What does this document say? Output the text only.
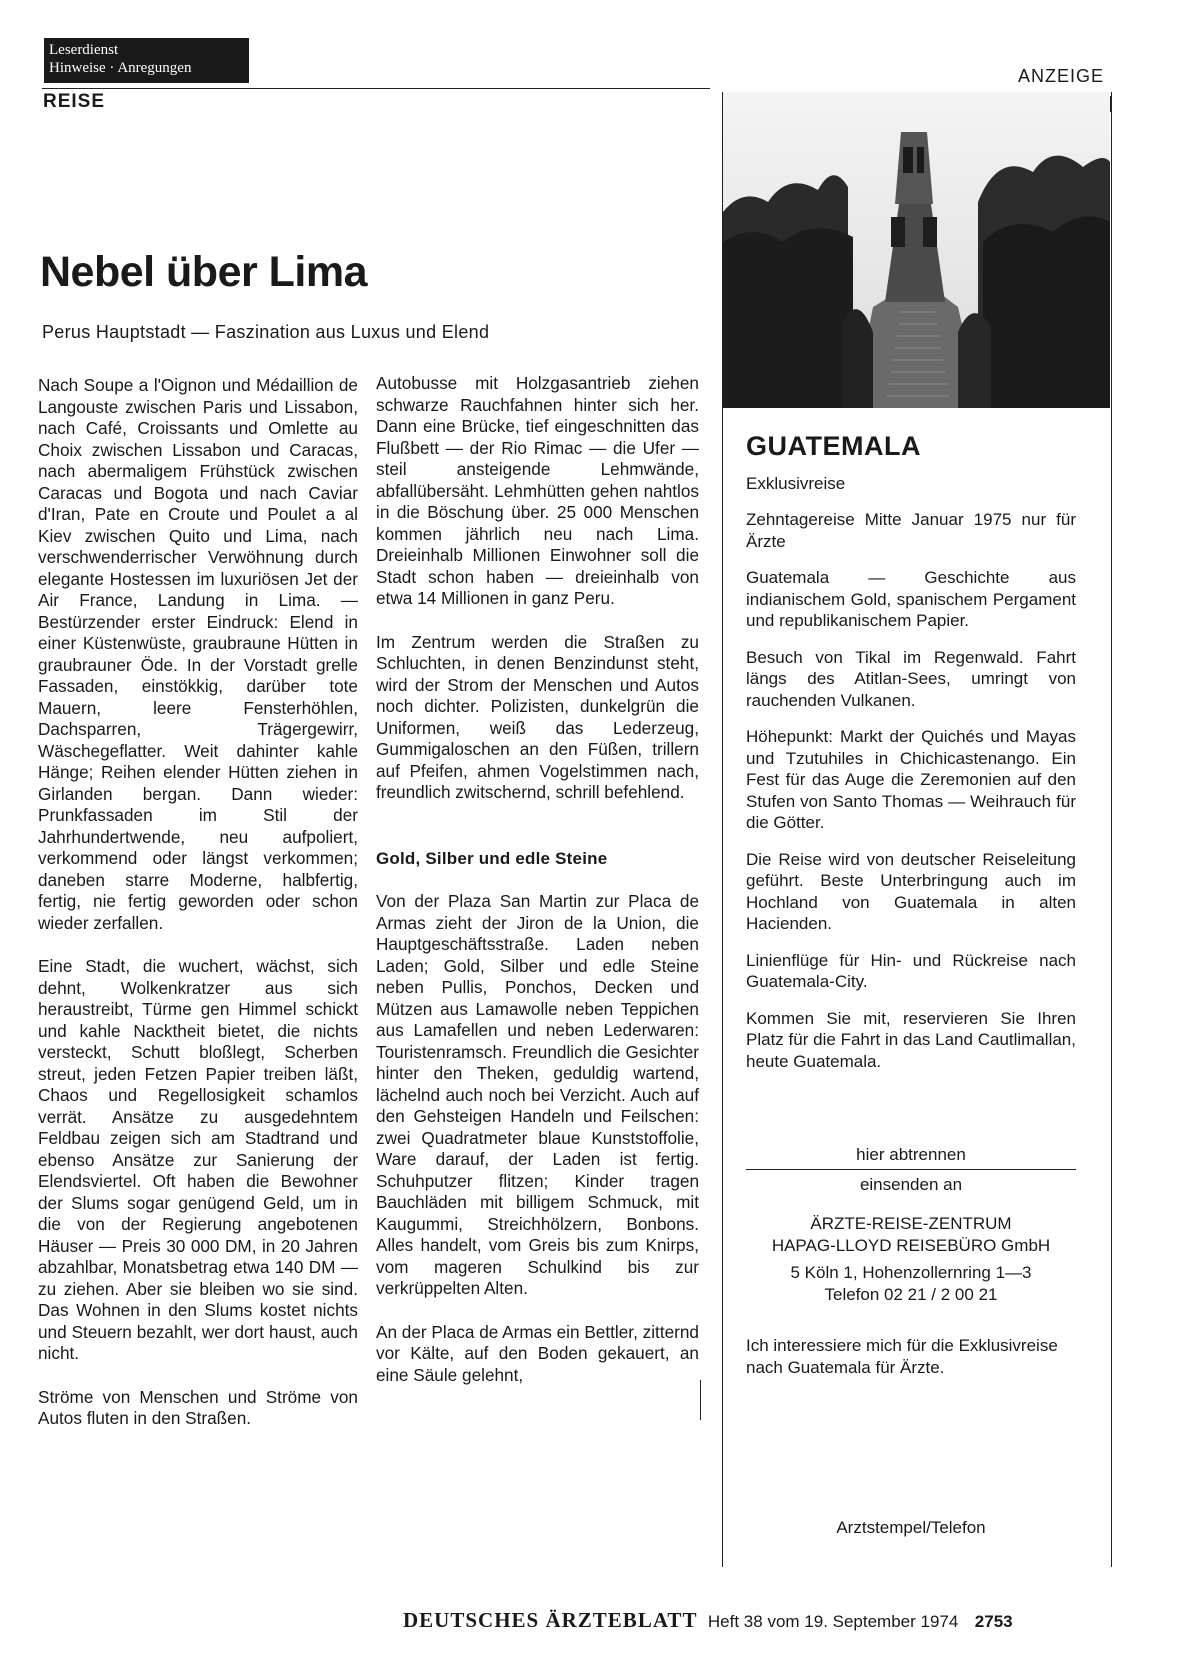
Leserdienst
Hinweise · Anregungen
REISE
ANZEIGE
Nebel über Lima
Perus Hauptstadt — Faszination aus Luxus und Elend

Nach Soupe a l'Oignon und Médaillion de Langouste zwischen Paris und Lissabon, nach Café, Croissants und Omlette au Choix zwischen Lissabon und Caracas, nach abermaligem Frühstück zwischen Caracas und Bogota und nach Caviar d'Iran, Pate en Croute und Poulet a al Kiev zwischen Quito und Lima, nach verschwenderrischer Verwöhnung durch elegante Hostessen im luxuriösen Jet der Air France, Landung in Lima. — Bestürzender erster Eindruck: Elend in einer Küstenwüste, graubraune Hütten in graubrauner Öde. In der Vorstadt grelle Fassaden, einstökkig, darüber tote Mauern, leere Fensterhöhlen, Dachsparren, Trägergewirr, Wäschegeflatter. Weit dahinter kahle Hänge; Reihen elender Hütten ziehen in Girlanden bergan. Dann wieder: Prunkfassaden im Stil der Jahrhundertwende, neu aufpoliert, verkommend oder längst verkommen; daneben starre Moderne, halbfertig, fertig, nie fertig geworden oder schon wieder zerfallen.

Eine Stadt, die wuchert, wächst, sich dehnt, Wolkenkratzer aus sich heraustreibt, Türme gen Himmel schickt und kahle Nacktheit bietet, die nichts versteckt, Schutt bloßlegt, Scherben streut, jeden Fetzen Papier treiben läßt, Chaos und Regellosigkeit schamlos verrät. Ansätze zu ausgedehntem Feldbau zeigen sich am Stadtrand und ebenso Ansätze zur Sanierung der Elendsviertel. Oft haben die Bewohner der Slums sogar genügend Geld, um in die von der Regierung angebotenen Häuser — Preis 30 000 DM, in 20 Jahren abzahlbar, Monatsbetrag etwa 140 DM — zu ziehen. Aber sie bleiben wo sie sind. Das Wohnen in den Slums kostet nichts und Steuern bezahlt, wer dort haust, auch nicht.

Ströme von Menschen und Ströme von Autos fluten in den Straßen.

Autobusse mit Holzgasantrieb ziehen schwarze Rauchfahnen hinter sich her. Dann eine Brücke, tief eingeschnitten das Flußbett — der Rio Rimac — die Ufer — steil ansteigende Lehmwände, abfallübersäht. Lehmhütten gehen nahtlos in die Böschung über. 25 000 Menschen kommen jährlich neu nach Lima. Dreieinhalb Millionen Einwohner soll die Stadt schon haben — dreieinhalb von etwa 14 Millionen in ganz Peru.

Im Zentrum werden die Straßen zu Schluchten, in denen Benzindunst steht, wird der Strom der Menschen und Autos noch dichter. Polizisten, dunkelgrün die Uniformen, weiß das Lederzeug, Gummigaloschen an den Füßen, trillern auf Pfeifen, ahmen Vogelstimmen nach, freundlich zwitschernd, schrill befehlend.

Gold, Silber und edle Steine

Von der Plaza San Martin zur Placa de Armas zieht der Jiron de la Union, die Hauptgeschäftsstraße. Laden neben Laden; Gold, Silber und edle Steine neben Pullis, Ponchos, Decken und Mützen aus Lamawolle neben Teppichen aus Lamafellen und neben Lederwaren: Touristenramsch. Freundlich die Gesichter hinter den Theken, geduldig wartend, lächelnd auch noch bei Verzicht. Auch auf den Gehsteigen Handeln und Feilschen: zwei Quadratmeter blaue Kunststoffolie, Ware darauf, der Laden ist fertig. Schuhputzer flitzen; Kinder tragen Bauchläden mit billigem Schmuck, mit Kaugummi, Streichhölzern, Bonbons. Alles handelt, vom Greis bis zum Knirps, vom mageren Schulkind bis zur verkrüppelten Alten.

An der Placa de Armas ein Bettler, zitternd vor Kälte, auf den Boden gekauert, an eine Säule gelehnt,

GUATEMALA

Exklusivreise

Zehntagereise Mitte Januar 1975 nur für Ärzte

Guatemala — Geschichte aus indianischem Gold, spanischem Pergament und republikanischem Papier.

Besuch von Tikal im Regenwald. Fahrt längs des Atitlan-Sees, umringt von rauchenden Vulkanen.

Höhepunkt: Markt der Quichés und Mayas und Tzutuhiles in Chichicastenango. Ein Fest für das Auge die Zeremonien auf den Stufen von Santo Thomas — Weihrauch für die Götter.

Die Reise wird von deutscher Reiseleitung geführt. Beste Unterbringung auch im Hochland von Guatemala in alten Hacienden.

Linienflüge für Hin- und Rückreise nach Guatemala-City.

Kommen Sie mit, reservieren Sie Ihren Platz für die Fahrt in das Land Cautlimallan, heute Guatemala.

hier abtrennen
einsenden an
ÄRZTE-REISE-ZENTRUM
HAPAG-LLOYD REISEBÜRO GmbH
5 Köln 1, Hohenzollernring 1—3
Telefon 02 21 / 2 00 21

Ich interessiere mich für die Exklusivreise nach Guatemala für Ärzte.

Arztstempel/Telefon
DEUTSCHES ÄRZTEBLATT Heft 38 vom 19. September 1974 2753
